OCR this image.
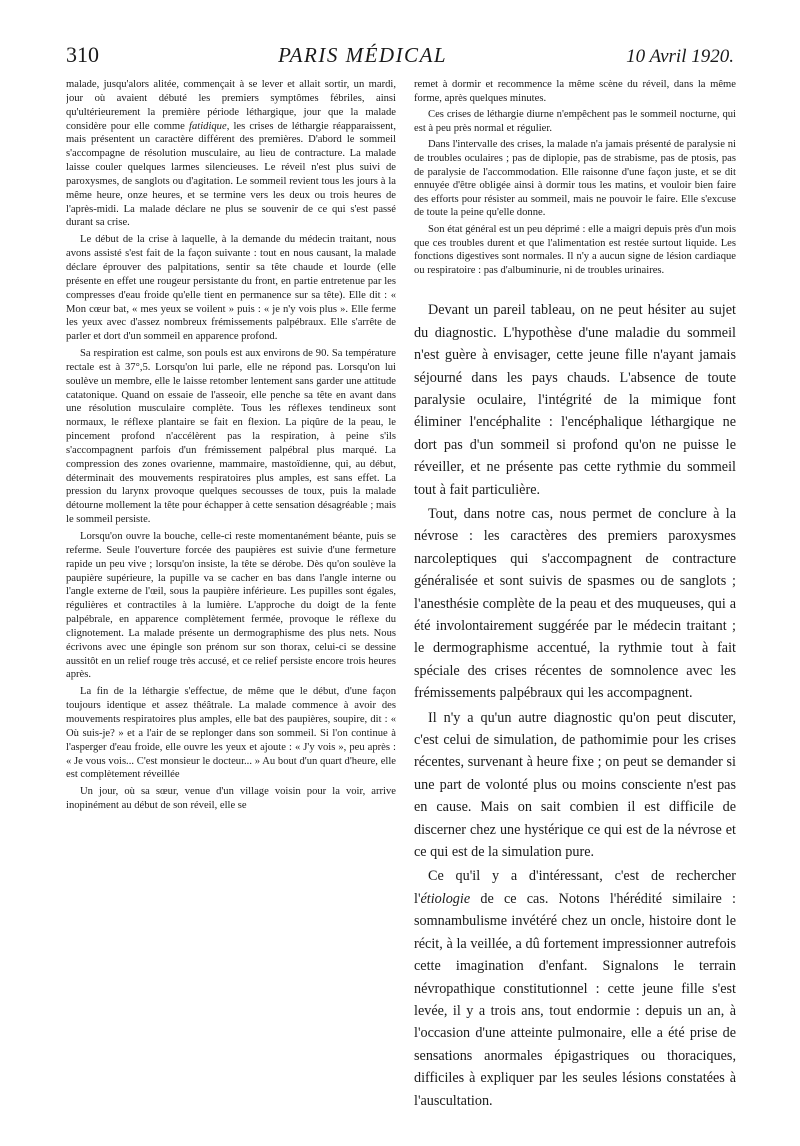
310	PARIS MÉDICAL	10 Avril 1920.

malade, jusqu'alors alitée, commençait à se lever et allait sortir, un mardi, jour où avaient débuté les premiers symptômes fébriles, ainsi qu'ultérieurement la première période léthargique, jour que la malade considère pour elle comme fatidique, les crises de léthargie réapparaissent, mais présentent un caractère différent des premières. D'abord le sommeil s'accompagne de résolution musculaire, au lieu de contracture. La malade laisse couler quelques larmes silencieuses. Le réveil n'est plus suivi de paroxysmes, de sanglots ou d'agitation. Le sommeil revient tous les jours à la même heure, onze heures, et se termine vers les deux ou trois heures de l'après-midi. La malade déclare ne plus se souvenir de ce qui s'est passé durant sa crise.

Le début de la crise à laquelle, à la demande du médecin traitant, nous avons assisté s'est fait de la façon suivante : tout en nous causant, la malade déclare éprouver des palpitations, sentir sa tête chaude et lourde (elle présente en effet une rougeur persistante du front, en partie entretenue par les compresses d'eau froide qu'elle tient en permanence sur sa tête). Elle dit : « Mon cœur bat, « mes yeux se voilent » puis : « je n'y vois plus ». Elle ferme les yeux avec d'assez nombreux frémissements palpébraux. Elle s'arrête de parler et dort d'un sommeil en apparence profond.

Sa respiration est calme, son pouls est aux environs de 90. Sa température rectale est à 37°,5. Lorsqu'on lui parle, elle ne répond pas. Lorsqu'on lui soulève un membre, elle le laisse retomber lentement sans garder une attitude catatonique. Quand on essaie de l'asseoir, elle penche sa tête en avant dans une résolution musculaire complète. Tous les réflexes tendineux sont normaux, le réflexe plantaire se fait en flexion. La piqûre de la peau, le pincement profond n'accélèrent pas la respiration, à peine s'ils s'accompagnent parfois d'un frémissement palpébral plus marqué. La compression des zones ovarienne, mammaire, mastoïdienne, qui, au début, déterminait des mouvements respiratoires plus amples, est sans effet. La pression du larynx provoque quelques secousses de toux, puis la malade détourne mollement la tête pour échapper à cette sensation désagréable ; mais le sommeil persiste.

Lorsqu'on ouvre la bouche, celle-ci reste momentanément béante, puis se referme. Seule l'ouverture forcée des paupières est suivie d'une fermeture rapide un peu vive ; lorsqu'on insiste, la tête se dérobe. Dès qu'on soulève la paupière supérieure, la pupille va se cacher en bas dans l'angle interne ou l'angle externe de l'œil, sous la paupière inférieure. Les pupilles sont égales, régulières et contractiles à la lumière. L'approche du doigt de la fente palpébrale, en apparence complètement fermée, provoque le réflexe du clignotement. La malade présente un dermographisme des plus nets. Nous écrivons avec une épingle son prénom sur son thorax, celui-ci se dessine aussitôt en un relief rouge très accusé, et ce relief persiste encore trois heures après.

La fin de la léthargie s'effectue, de même que le début, d'une façon toujours identique et assez théâtrale. La malade commence à avoir des mouvements respiratoires plus amples, elle bat des paupières, soupire, dit : « Où suis-je? » et a l'air de se replonger dans son sommeil. Si l'on continue à l'asperger d'eau froide, elle ouvre les yeux et ajoute : « J'y vois », peu après : « Je vous vois... C'est monsieur le docteur... » Au bout d'un quart d'heure, elle est complètement réveillée

Un jour, où sa sœur, venue d'un village voisin pour la voir, arrive inopinément au début de son réveil, elle se

remet à dormir et recommence la même scène du réveil, dans la même forme, après quelques minutes.

Ces crises de léthargie diurne n'empêchent pas le sommeil nocturne, qui est à peu près normal et régulier.

Dans l'intervalle des crises, la malade n'a jamais présenté de paralysie ni de troubles oculaires ; pas de diplopie, pas de strabisme, pas de ptosis, pas de paralysie de l'accommodation. Elle raisonne d'une façon juste, et se dit ennuyée d'être obligée ainsi à dormir tous les matins, et vouloir bien faire des efforts pour résister au sommeil, mais ne pouvoir le faire. Elle s'excuse de toute la peine qu'elle donne.

Son état général est un peu déprimé : elle a maigri depuis près d'un mois que ces troubles durent et que l'alimentation est restée surtout liquide. Les fonctions digestives sont normales. Il n'y a aucun signe de lésion cardiaque ou respiratoire : pas d'albuminurie, ni de troubles urinaires.

Devant un pareil tableau, on ne peut hésiter au sujet du diagnostic. L'hypothèse d'une maladie du sommeil n'est guère à envisager, cette jeune fille n'ayant jamais séjourné dans les pays chauds. L'absence de toute paralysie oculaire, l'intégrité de la mimique font éliminer l'encéphalite : l'encéphalique léthargique ne dort pas d'un sommeil si profond qu'on ne puisse le réveiller, et ne présente pas cette rythmie du sommeil tout à fait particulière.

Tout, dans notre cas, nous permet de conclure à la névrose : les caractères des premiers paroxysmes narcoleptiques qui s'accompagnent de contracture généralisée et sont suivis de spasmes ou de sanglots ; l'anesthésie complète de la peau et des muqueuses, qui a été involontairement suggérée par le médecin traitant ; le dermographisme accentué, la rythmie tout à fait spéciale des crises récentes de somnolence avec les frémissements palpébraux qui les accompagnent.

Il n'y a qu'un autre diagnostic qu'on peut discuter, c'est celui de simulation, de pathomimie pour les crises récentes, survenant à heure fixe ; on peut se demander si une part de volonté plus ou moins consciente n'est pas en cause. Mais on sait combien il est difficile de discerner chez une hystérique ce qui est de la névrose et ce qui est de la simulation pure.

Ce qu'il y a d'intéressant, c'est de rechercher l'étiologie de ce cas. Notons l'hérédité similaire : somnambulisme invétéré chez un oncle, histoire dont le récit, à la veillée, a dû fortement impressionner autrefois cette imagination d'enfant. Signalons le terrain névropathique constitutionnel : cette jeune fille s'est levée, il y a trois ans, tout endormie : depuis un an, à l'occasion d'une atteinte pulmonaire, elle a été prise de sensations anormales épigastriques ou thoraciques, difficiles à expliquer par les seules lésions constatées à l'auscultation.
